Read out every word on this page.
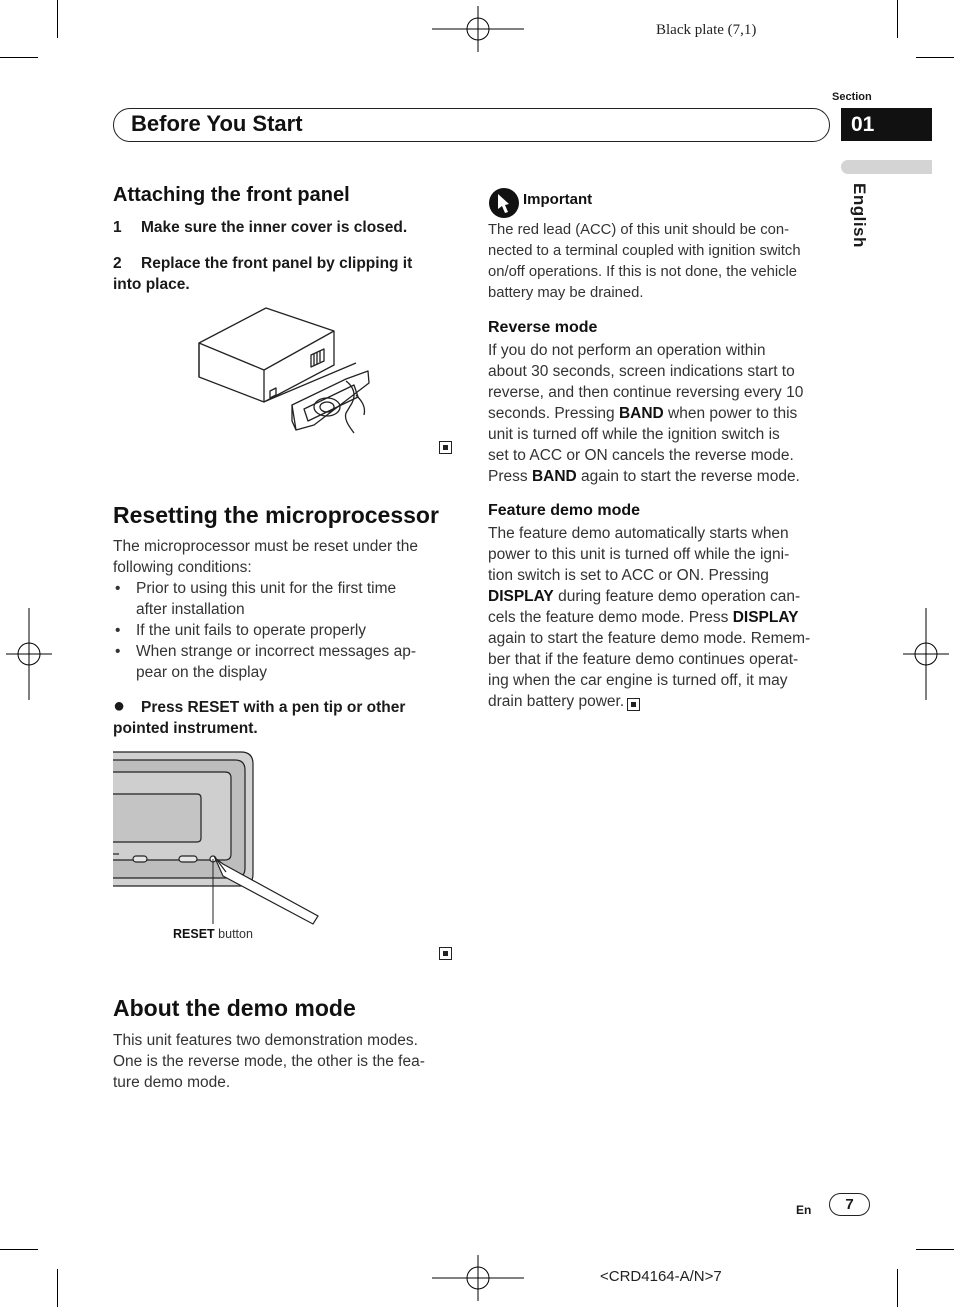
Black plate (7,1)
Section
01
English
Before You Start
Attaching the front panel
1 Make sure the inner cover is closed.
2 Replace the front panel by clipping it
into place.
Resetting the microprocessor
The microprocessor must be reset under the
following conditions:
• Prior to using this unit for the first time
after installation
• If the unit fails to operate properly
• When strange or incorrect messages ap-
pear on the display
● Press RESET with a pen tip or other
pointed instrument.
RESET button
About the demo mode
This unit features two demonstration modes.
One is the reverse mode, the other is the fea-
ture demo mode.
Important
The red lead (ACC) of this unit should be con-
nected to a terminal coupled with ignition switch
on/off operations. If this is not done, the vehicle
battery may be drained.
Reverse mode
If you do not perform an operation within
about 30 seconds, screen indications start to
reverse, and then continue reversing every 10
seconds. Pressing BAND when power to this
unit is turned off while the ignition switch is
set to ACC or ON cancels the reverse mode.
Press BAND again to start the reverse mode.
Feature demo mode
The feature demo automatically starts when
power to this unit is turned off while the igni-
tion switch is set to ACC or ON. Pressing
DISPLAY during feature demo operation can-
cels the feature demo mode. Press DISPLAY
again to start the feature demo mode. Remem-
ber that if the feature demo continues operat-
ing when the car engine is turned off, it may
drain battery power.
En	7
<CRD4164-A/N>7
